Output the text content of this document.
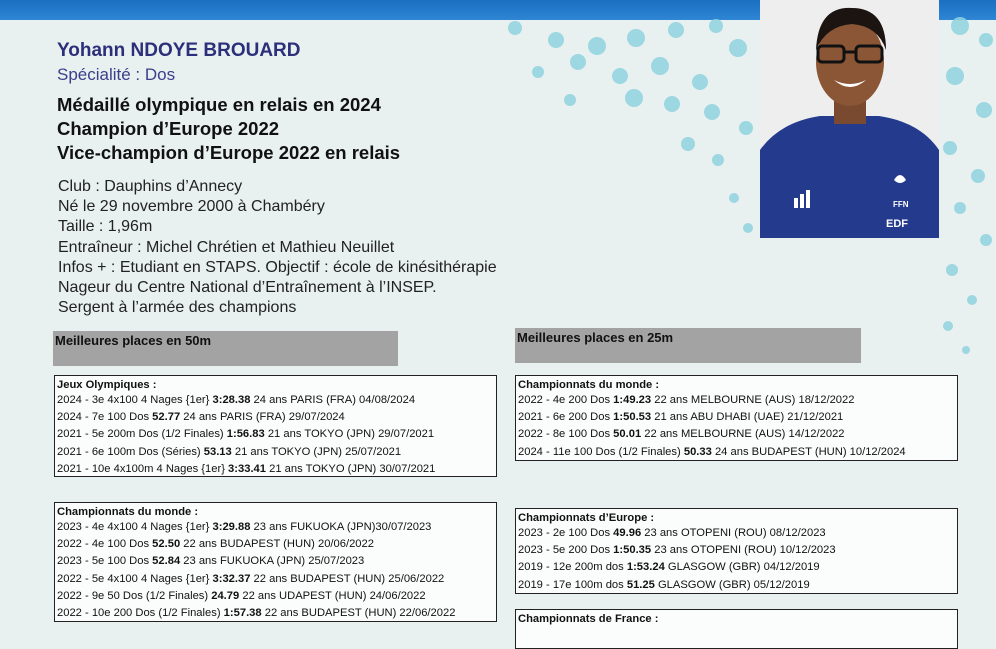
FFN
EDF
Yohann NDOYE BROUARD
Spécialité : Dos
Médaillé olympique en relais en 2024
Champion d’Europe 2022
Vice-champion d’Europe 2022 en relais
Club : Dauphins d’Annecy
Né le 29 novembre 2000 à Chambéry
Taille : 1,96m
Entraîneur : Michel Chrétien et Mathieu Neuillet
Infos + : Etudiant en STAPS. Objectif : école de kinésithérapie
Nageur du Centre National d’Entraînement à l’INSEP.
Sergent à l’armée des champions
Meilleures places en 50m	Meilleures places en 25m
Jeux Olympiques :
2024 - 3e 4x100 4 Nages {1er} 3:28.38 24 ans PARIS (FRA) 04/08/2024
2024 - 7e 100 Dos 52.77 24 ans PARIS (FRA) 29/07/2024
2021 - 5e 200m Dos (1/2 Finales) 1:56.83 21 ans TOKYO (JPN) 29/07/2021
2021 - 6e 100m Dos (Séries) 53.13 21 ans TOKYO (JPN) 25/07/2021
2021 - 10e 4x100m 4 Nages {1er} 3:33.41 21 ans TOKYO (JPN) 30/07/2021
Championnats du monde :
2023 - 4e 4x100 4 Nages {1er} 3:29.88 23 ans FUKUOKA (JPN)30/07/2023
2022 - 4e 100 Dos 52.50 22 ans BUDAPEST (HUN) 20/06/2022
2023 - 5e 100 Dos 52.84 23 ans FUKUOKA (JPN) 25/07/2023
2022 - 5e 4x100 4 Nages {1er} 3:32.37 22 ans BUDAPEST (HUN) 25/06/2022
2022 - 9e 50 Dos (1/2 Finales) 24.79 22 ans UDAPEST (HUN) 24/06/2022
2022 - 10e 200 Dos (1/2 Finales) 1:57.38 22 ans BUDAPEST (HUN) 22/06/2022
Championnats du monde :
2022 - 4e 200 Dos 1:49.23 22 ans MELBOURNE (AUS) 18/12/2022
2021 - 6e 200 Dos 1:50.53 21 ans ABU DHABI (UAE) 21/12/2021
2022 - 8e 100 Dos 50.01 22 ans MELBOURNE (AUS) 14/12/2022
2024 - 11e 100 Dos (1/2 Finales) 50.33 24 ans BUDAPEST (HUN) 10/12/2024
Championnats d’Europe :
2023 - 2e 100 Dos 49.96 23 ans OTOPENI (ROU) 08/12/2023
2023 - 5e 200 Dos 1:50.35 23 ans OTOPENI (ROU) 10/12/2023
2019 - 12e 200m dos 1:53.24 GLASGOW (GBR) 04/12/2019
2019 - 17e 100m dos 51.25 GLASGOW (GBR) 05/12/2019
Championnats de France :
